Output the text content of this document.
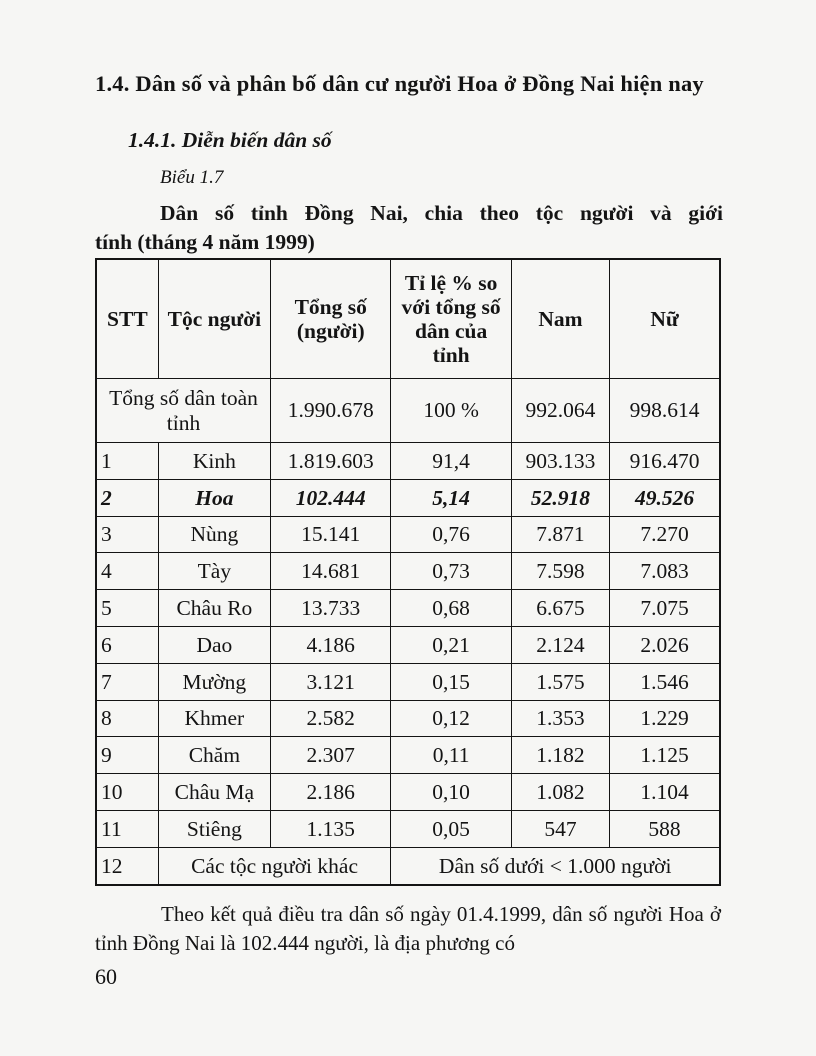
1.4. Dân số và phân bố dân cư người Hoa ở Đồng Nai hiện nay
1.4.1. Diễn biến dân số
Biểu 1.7
Dân số tỉnh Đồng Nai, chia theo tộc người và giới
tính (tháng 4 năm 1999)
STT	Tộc người	Tổng số (người)	Tỉ lệ % so với tổng số dân của tỉnh	Nam	Nữ
Tổng số dân toàn tỉnh		1.990.678	100 %	992.064	998.614
1	Kinh	1.819.603	91,4	903.133	916.470
2	Hoa	102.444	5,14	52.918	49.526
3	Nùng	15.141	0,76	7.871	7.270
4	Tày	14.681	0,73	7.598	7.083
5	Châu Ro	13.733	0,68	6.675	7.075
6	Dao	4.186	0,21	2.124	2.026
7	Mường	3.121	0,15	1.575	1.546
8	Khmer	2.582	0,12	1.353	1.229
9	Chăm	2.307	0,11	1.182	1.125
10	Châu Mạ	2.186	0,10	1.082	1.104
11	Stiêng	1.135	0,05	547	588
12	Các tộc người khác		Dân số dưới < 1.000 người		
Theo kết quả điều tra dân số ngày 01.4.1999, dân số người Hoa ở tỉnh Đồng Nai là 102.444 người, là địa phương có
60
